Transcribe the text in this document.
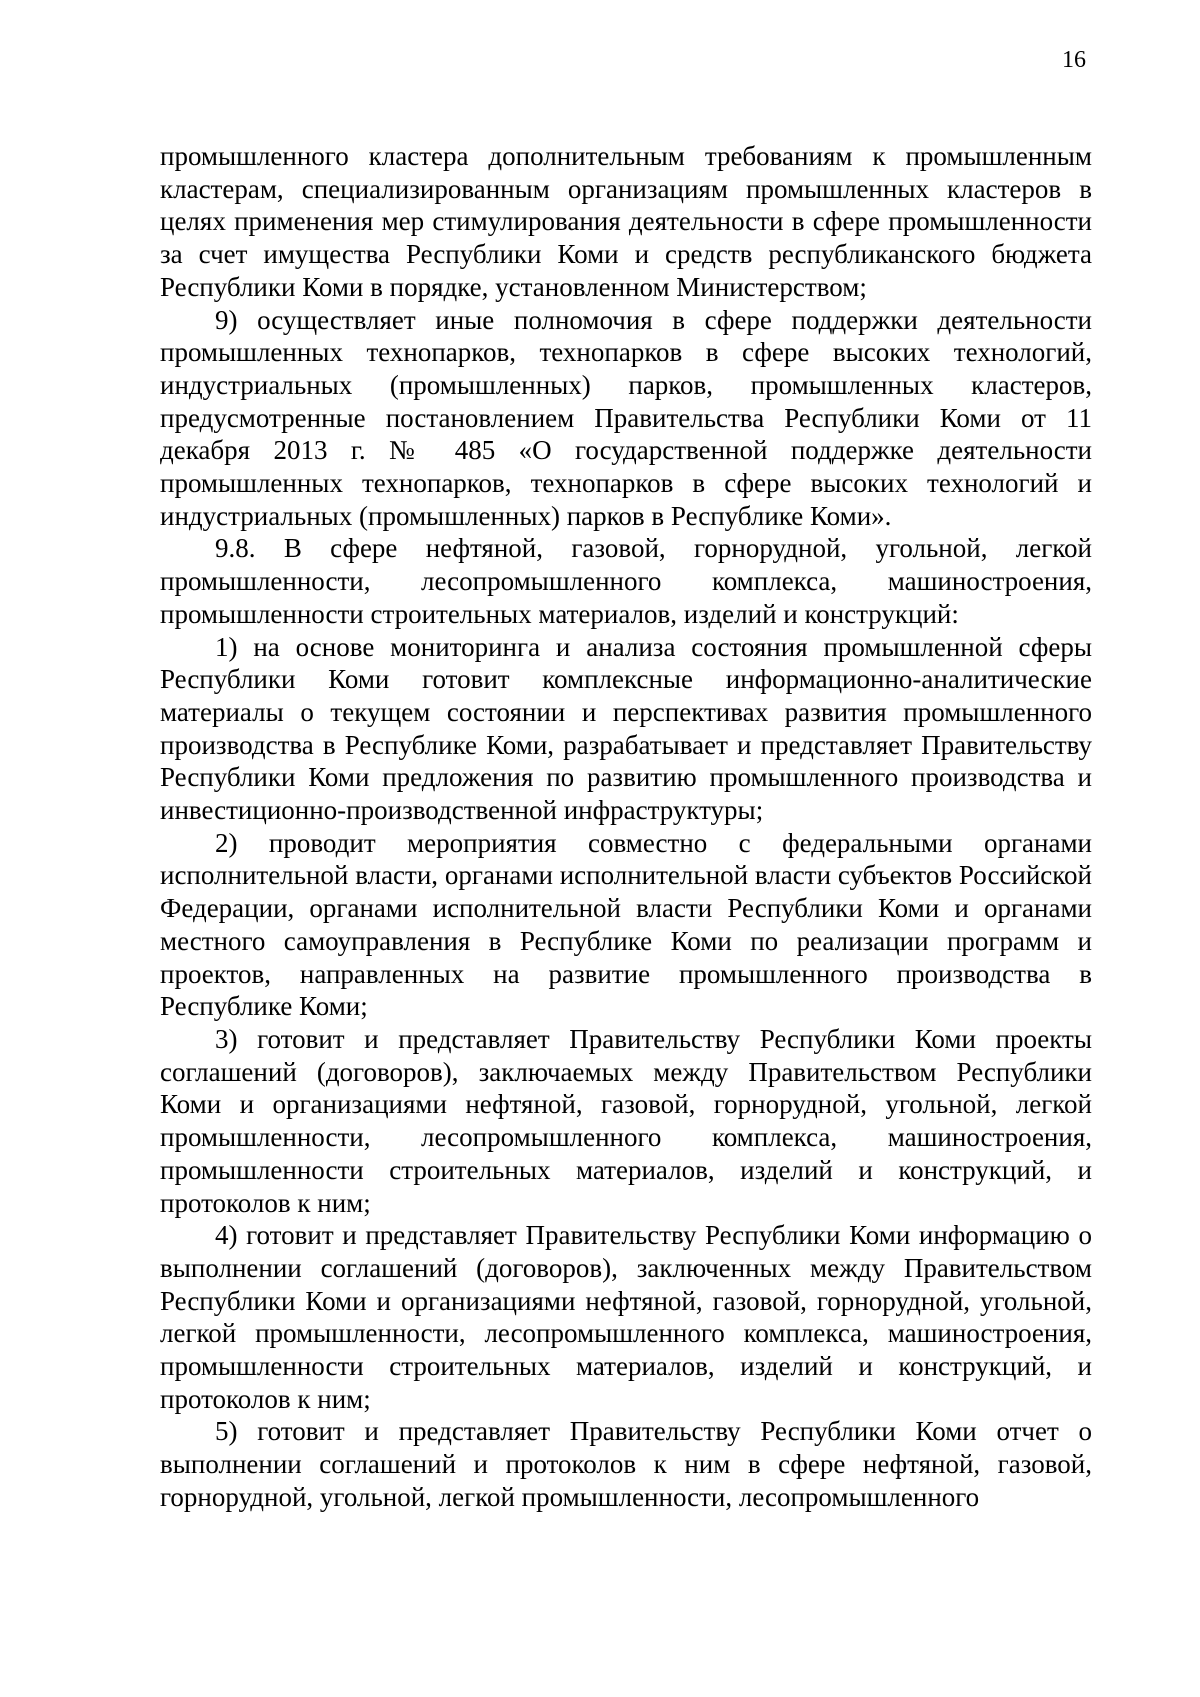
16

промышленного кластера дополнительным требованиям к промышленным кластерам, специализированным организациям промышленных кластеров в целях применения мер стимулирования деятельности в сфере промышленности за счет имущества Республики Коми и средств республиканского бюджета Республики Коми в порядке, установленном Министерством;

9) осуществляет иные полномочия в сфере поддержки деятельности промышленных технопарков, технопарков в сфере высоких технологий, индустриальных (промышленных) парков, промышленных кластеров, предусмотренные постановлением Правительства Республики Коми от 11 декабря 2013 г. № 485 «О государственной поддержке деятельности промышленных технопарков, технопарков в сфере высоких технологий и индустриальных (промышленных) парков в Республике Коми».

9.8. В сфере нефтяной, газовой, горнорудной, угольной, легкой промышленности, лесопромышленного комплекса, машиностроения, промышленности строительных материалов, изделий и конструкций:

1) на основе мониторинга и анализа состояния промышленной сферы Республики Коми готовит комплексные информационно-аналитические материалы о текущем состоянии и перспективах развития промышленного производства в Республике Коми, разрабатывает и представляет Правительству Республики Коми предложения по развитию промышленного производства и инвестиционно-производственной инфраструктуры;

2) проводит мероприятия совместно с федеральными органами исполнительной власти, органами исполнительной власти субъектов Российской Федерации, органами исполнительной власти Республики Коми и органами местного самоуправления в Республике Коми по реализации программ и проектов, направленных на развитие промышленного производства в Республике Коми;

3) готовит и представляет Правительству Республики Коми проекты соглашений (договоров), заключаемых между Правительством Республики Коми и организациями нефтяной, газовой, горнорудной, угольной, легкой промышленности, лесопромышленного комплекса, машиностроения, промышленности строительных материалов, изделий и конструкций, и протоколов к ним;

4) готовит и представляет Правительству Республики Коми информацию о выполнении соглашений (договоров), заключенных между Правительством Республики Коми и организациями нефтяной, газовой, горнорудной, угольной, легкой промышленности, лесопромышленного комплекса, машиностроения, промышленности строительных материалов, изделий и конструкций, и протоколов к ним;

5) готовит и представляет Правительству Республики Коми отчет о выполнении соглашений и протоколов к ним в сфере нефтяной, газовой, горнорудной, угольной, легкой промышленности, лесопромышленного
